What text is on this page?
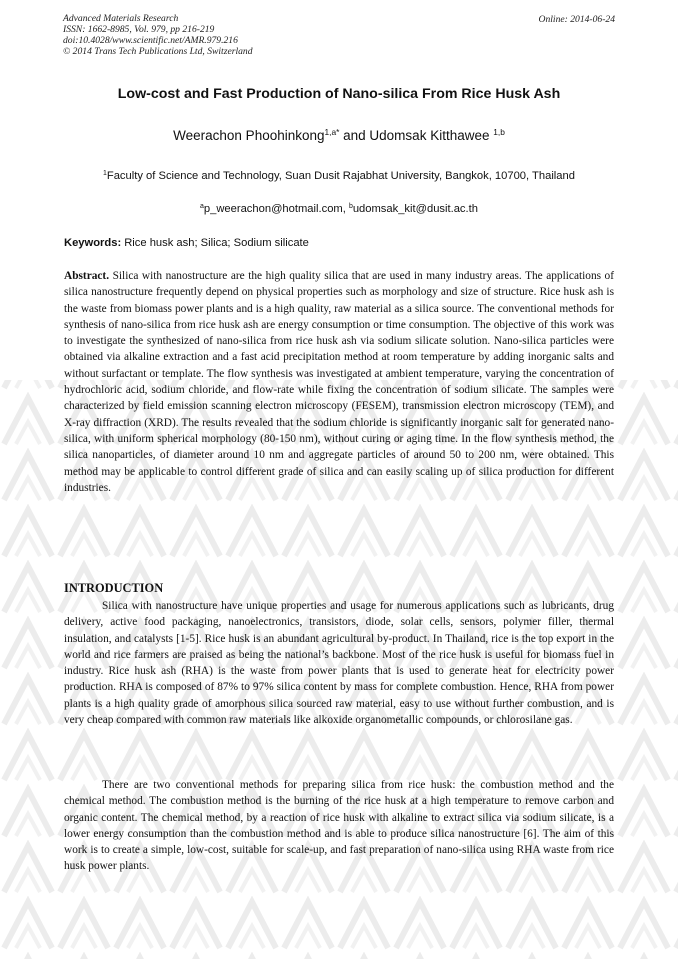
Advanced Materials Research
ISSN: 1662-8985, Vol. 979, pp 216-219
doi:10.4028/www.scientific.net/AMR.979.216
© 2014 Trans Tech Publications Ltd, Switzerland
Online: 2014-06-24
Low-cost and Fast Production of Nano-silica From Rice Husk Ash
Weerachon Phoohinkong$^{1,a*}$ and Udomsak Kitthawee $^{1,b}$
$^1$Faculty of Science and Technology, Suan Dusit Rajabhat University, Bangkok, 10700, Thailand
$^a$p_weerachon@hotmail.com, $^b$udomsak_kit@dusit.ac.th
Keywords: Rice husk ash; Silica; Sodium silicate
Abstract. Silica with nanostructure are the high quality silica that are used in many industry areas. The applications of silica nanostructure frequently depend on physical properties such as morphology and size of structure. Rice husk ash is the waste from biomass power plants and is a high quality, raw material as a silica source. The conventional methods for synthesis of nano-silica from rice husk ash are energy consumption or time consumption. The objective of this work was to investigate the synthesized of nano-silica from rice husk ash via sodium silicate solution. Nano-silica particles were obtained via alkaline extraction and a fast acid precipitation method at room temperature by adding inorganic salts and without surfactant or template. The flow synthesis was investigated at ambient temperature, varying the concentration of hydrochloric acid, sodium chloride, and flow-rate while fixing the concentration of sodium silicate. The samples were characterized by field emission scanning electron microscopy (FESEM), transmission electron microscopy (TEM), and X-ray diffraction (XRD). The results revealed that the sodium chloride is significantly inorganic salt for generated nano-silica, with uniform spherical morphology (80-150 nm), without curing or aging time. In the flow synthesis method, the silica nanoparticles, of diameter around 10 nm and aggregate particles of around 50 to 200 nm, were obtained. This method may be applicable to control different grade of silica and can easily scaling up of silica production for different industries.
INTRODUCTION
Silica with nanostructure have unique properties and usage for numerous applications such as lubricants, drug delivery, active food packaging, nanoelectronics, transistors, diode, solar cells, sensors, polymer filler, thermal insulation, and catalysts [1-5]. Rice husk is an abundant agricultural by-product. In Thailand, rice is the top export in the world and rice farmers are praised as being the national’s backbone. Most of the rice husk is useful for biomass fuel in industry. Rice husk ash (RHA) is the waste from power plants that is used to generate heat for electricity power production. RHA is composed of 87% to 97% silica content by mass for complete combustion. Hence, RHA from power plants is a high quality grade of amorphous silica sourced raw material, easy to use without further combustion, and is very cheap compared with common raw materials like alkoxide organometallic compounds, or chlorosilane gas.
There are two conventional methods for preparing silica from rice husk: the combustion method and the chemical method. The combustion method is the burning of the rice husk at a high temperature to remove carbon and organic content. The chemical method, by a reaction of rice husk with alkaline to extract silica via sodium silicate, is a lower energy consumption than the combustion method and is able to produce silica nanostructure [6]. The aim of this work is to create a simple, low-cost, suitable for scale-up, and fast preparation of nano-silica using RHA waste from rice husk power plants.
